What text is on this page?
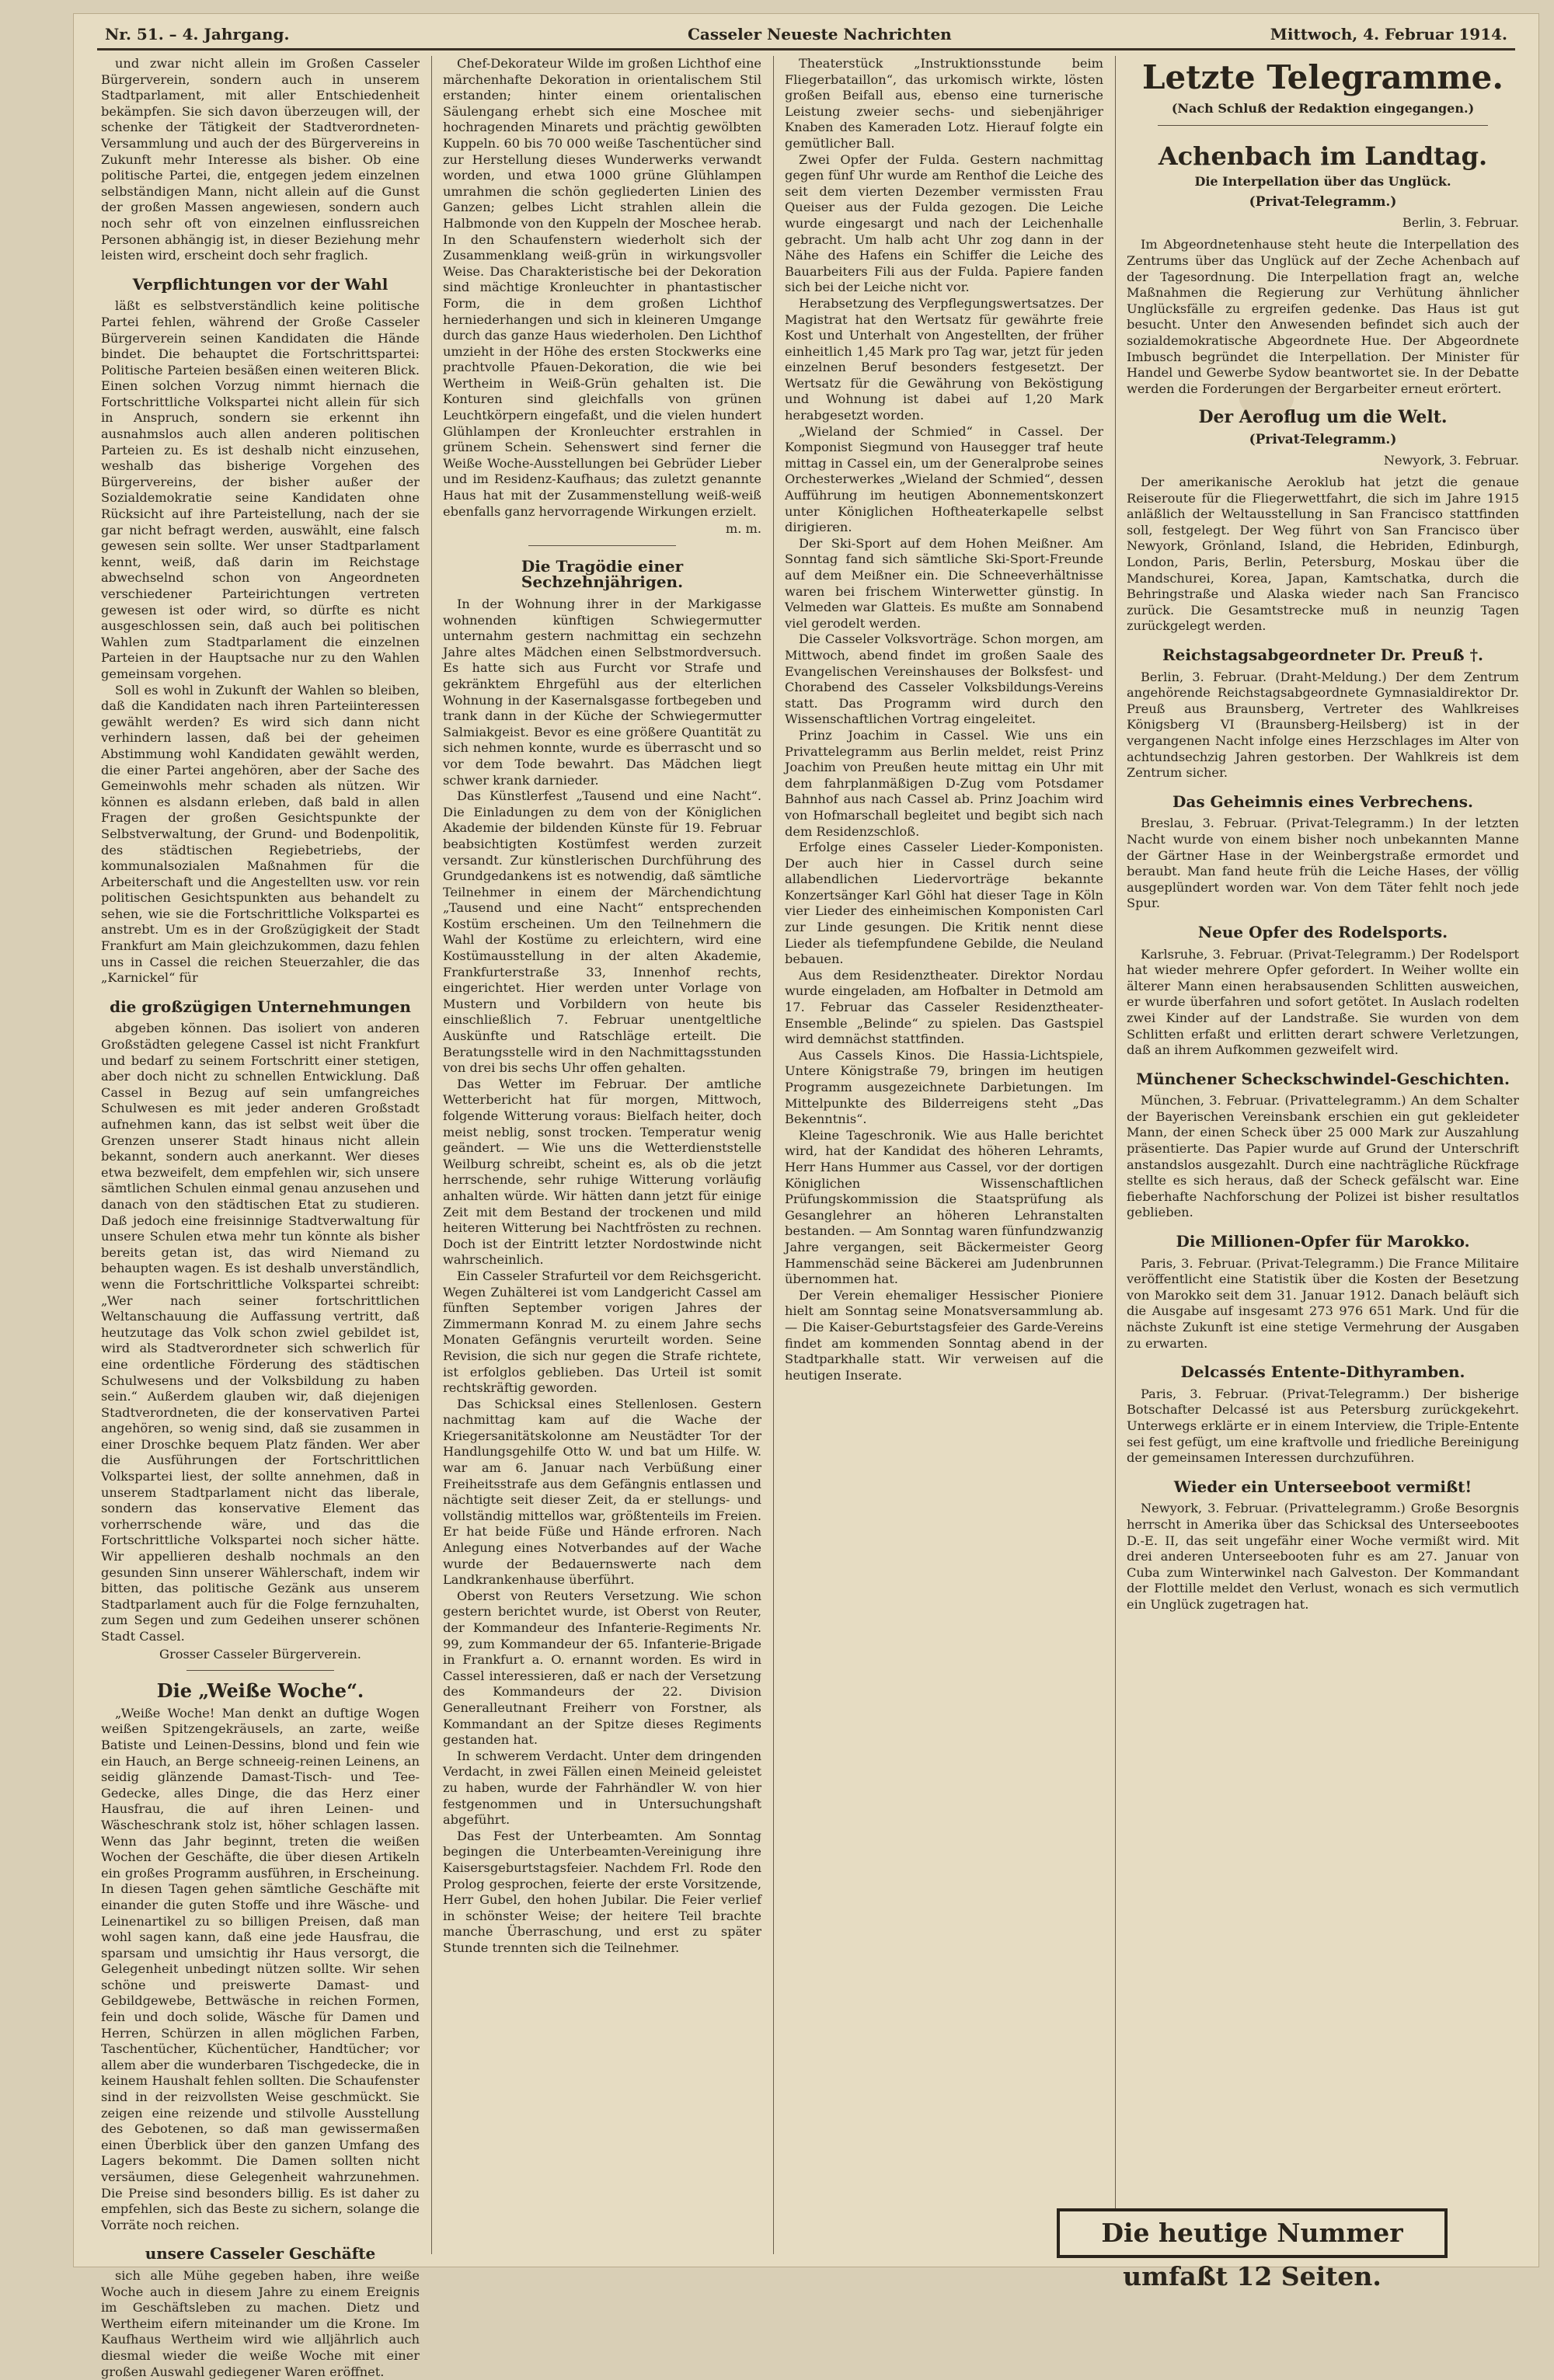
Nr. 51. – 4. Jahrgang.	Casseler Neueste Nachrichten	Mittwoch, 4. Februar 1914.

und zwar nicht allein im Großen Casseler Bürgerverein, sondern auch in unserem Stadtparlament, mit aller Entschiedenheit bekämpfen. Sie sich davon überzeugen will, der schenke der Tätigkeit der Stadtverordneten-Versammlung und auch der des Bürgervereins in Zukunft mehr Interesse als bisher. Ob eine politische Partei, die, entgegen jedem einzelnen selbständigen Mann, nicht allein auf die Gunst der großen Massen angewiesen, sondern auch noch sehr oft von einzelnen einflussreichen Personen abhängig ist, in dieser Beziehung mehr leisten wird, erscheint doch sehr fraglich.

Verpflichtungen vor der Wahl

läßt es selbstverständlich keine politische Partei fehlen, während der Große Casseler Bürgerverein seinen Kandidaten die Hände bindet. Die behauptet die Fortschrittspartei: Politische Parteien besäßen einen weiteren Blick. Einen solchen Vorzug nimmt hiernach die Fortschrittliche Volkspartei nicht allein für sich in Anspruch, sondern sie erkennt ihn ausnahmslos auch allen anderen politischen Parteien zu. Es ist deshalb nicht einzusehen, weshalb das bisherige Vorgehen des Bürgervereins, der bisher außer der Sozialdemokratie seine Kandidaten ohne Rücksicht auf ihre Parteistellung, nach der sie gar nicht befragt werden, auswählt, eine falsch gewesen sein sollte. Wer unser Stadtparlament kennt, weiß, daß darin im Reichstage abwechselnd schon von Angeordneten verschiedener Parteirichtungen vertreten gewesen ist oder wird, so dürfte es nicht ausgeschlossen sein, daß auch bei politischen Wahlen zum Stadtparlament die einzelnen Parteien in der Hauptsache nur zu den Wahlen gemeinsam vorgehen.

Soll es wohl in Zukunft der Wahlen so bleiben, daß die Kandidaten nach ihren Parteiinteressen gewählt werden? Es wird sich dann nicht verhindern lassen, daß bei der geheimen Abstimmung wohl Kandidaten gewählt werden, die einer Partei angehören, aber der Sache des Gemeinwohls mehr schaden als nützen. Wir können es alsdann erleben, daß bald in allen Fragen der großen Gesichtspunkte der Selbstverwaltung, der Grund- und Bodenpolitik, des städtischen Regiebetriebs, der kommunalsozialen Maßnahmen für die Arbeiterschaft und die Angestellten usw. vor rein politischen Gesichtspunkten aus behandelt zu sehen, wie sie die Fortschrittliche Volkspartei es anstrebt. Um es in der Großzügigkeit der Stadt Frankfurt am Main gleichzukommen, dazu fehlen uns in Cassel die reichen Steuerzahler, die das „Karnickel“ für

die großzügigen Unternehmungen

abgeben können. Das isoliert von anderen Großstädten gelegene Cassel ist nicht Frankfurt und bedarf zu seinem Fortschritt einer stetigen, aber doch nicht zu schnellen Entwicklung. Daß Cassel in Bezug auf sein umfangreiches Schulwesen es mit jeder anderen Großstadt aufnehmen kann, das ist selbst weit über die Grenzen unserer Stadt hinaus nicht allein bekannt, sondern auch anerkannt. Wer dieses etwa bezweifelt, dem empfehlen wir, sich unsere sämtlichen Schulen einmal genau anzusehen und danach von den städtischen Etat zu studieren. Daß jedoch eine freisinnige Stadtverwaltung für unsere Schulen etwa mehr tun könnte als bisher bereits getan ist, das wird Niemand zu behaupten wagen. Es ist deshalb unverständlich, wenn die Fortschrittliche Volkspartei schreibt: „Wer nach seiner fortschrittlichen Weltanschauung die Auffassung vertritt, daß heutzutage das Volk schon zwiel gebildet ist, wird als Stadtverordneter sich schwerlich für eine ordentliche Förderung des städtischen Schulwesens und der Volksbildung zu haben sein.“ Außerdem glauben wir, daß diejenigen Stadtverordneten, die der konservativen Partei angehören, so wenig sind, daß sie zusammen in einer Droschke bequem Platz fänden. Wer aber die Ausführungen der Fortschrittlichen Volkspartei liest, der sollte annehmen, daß in unserem Stadtparlament nicht das liberale, sondern das konservative Element das vorherrschende wäre, und das die Fortschrittliche Volkspartei noch sicher hätte. Wir appellieren deshalb nochmals an den gesunden Sinn unserer Wählerschaft, indem wir bitten, das politische Gezänk aus unserem Stadtparlament auch für die Folge fernzuhalten, zum Segen und zum Gedeihen unserer schönen Stadt Cassel.

Grosser Casseler Bürgerverein.
Die „Weiße Woche“.

„Weiße Woche! Man denkt an duftige Wogen weißen Spitzengekräusels, an zarte, weiße Batiste und Leinen-Dessins, blond und fein wie ein Hauch, an Berge schneeig-reinen Leinens, an seidig glänzende Damast-Tisch- und Tee-Gedecke, alles Dinge, die das Herz einer Hausfrau, die auf ihren Leinen- und Wäscheschrank stolz ist, höher schlagen lassen. Wenn das Jahr beginnt, treten die weißen Wochen der Geschäfte, die über diesen Artikeln ein großes Programm ausführen, in Erscheinung. In diesen Tagen gehen sämtliche Geschäfte mit einander die guten Stoffe und ihre Wäsche- und Leinenartikel zu so billigen Preisen, daß man wohl sagen kann, daß eine jede Hausfrau, die sparsam und umsichtig ihr Haus versorgt, die Gelegenheit unbedingt nützen sollte. Wir sehen schöne und preiswerte Damast- und Gebildgewebe, Bettwäsche in reichen Formen, fein und doch solide, Wäsche für Damen und Herren, Schürzen in allen möglichen Farben, Taschentücher, Küchentücher, Handtücher; vor allem aber die wunderbaren Tischgedecke, die in keinem Haushalt fehlen sollten. Die Schaufenster sind in der reizvollsten Weise geschmückt. Sie zeigen eine reizende und stilvolle Ausstellung des Gebotenen, so daß man gewissermaßen einen Überblick über den ganzen Umfang des Lagers bekommt. Die Damen sollten nicht versäumen, diese Gelegenheit wahrzunehmen. Die Preise sind besonders billig. Es ist daher zu empfehlen, sich das Beste zu sichern, solange die Vorräte noch reichen.

unsere Casseler Geschäfte

sich alle Mühe gegeben haben, ihre weiße Woche auch in diesem Jahre zu einem Ereignis im Geschäftsleben zu machen. Dietz und Wertheim eifern miteinander um die Krone. Im Kaufhaus Wertheim wird wie alljährlich auch diesmal wieder die weiße Woche mit einer großen Auswahl gediegener Waren eröffnet.

Chef-Dekorateur Wilde im großen Lichthof eine märchenhafte Dekoration in orientalischem Stil erstanden; hinter einem orientalischen Säulengang erhebt sich eine Moschee mit hochragenden Minarets und prächtig gewölbten Kuppeln. 60 bis 70 000 weiße Taschentücher sind zur Herstellung dieses Wunderwerks verwandt worden, und etwa 1000 grüne Glühlampen umrahmen die schön gegliederten Linien des Ganzen; gelbes Licht strahlen allein die Halbmonde von den Kuppeln der Moschee herab. In den Schaufenstern wiederholt sich der Zusammenklang weiß-grün in wirkungsvoller Weise. Das Charakteristische bei der Dekoration sind mächtige Kronleuchter in phantastischer Form, die in dem großen Lichthof herniederhangen und sich in kleineren Umgange durch das ganze Haus wiederholen. Den Lichthof umzieht in der Höhe des ersten Stockwerks eine prachtvolle Pfauen-Dekoration, die wie bei Wertheim in Weiß-Grün gehalten ist. Die Konturen sind gleichfalls von grünen Leuchtkörpern eingefaßt, und die vielen hundert Glühlampen der Kronleuchter erstrahlen in grünem Schein. Sehenswert sind ferner die Weiße Woche-Ausstellungen bei Gebrüder Lieber und im Residenz-Kaufhaus; das zuletzt genannte Haus hat mit der Zusammenstellung weiß-weiß ebenfalls ganz hervorragende Wirkungen erzielt.

m. m.
Die Tragödie einer Sechzehnjährigen.

In der Wohnung ihrer in der Markigasse wohnenden künftigen Schwiegermutter unternahm gestern nachmittag ein sechzehn Jahre altes Mädchen einen Selbstmordversuch. Es hatte sich aus Furcht vor Strafe und gekränktem Ehrgefühl aus der elterlichen Wohnung in der Kasernalsgasse fortbegeben und trank dann in der Küche der Schwiegermutter Salmiakgeist. Bevor es eine größere Quantität zu sich nehmen konnte, wurde es überrascht und so vor dem Tode bewahrt. Das Mädchen liegt schwer krank darnieder.

Das Künstlerfest „Tausend und eine Nacht“. Die Einladungen zu dem von der Königlichen Akademie der bildenden Künste für 19. Februar beabsichtigten Kostümfest werden zurzeit versandt. Zur künstlerischen Durchführung des Grundgedankens ist es notwendig, daß sämtliche Teilnehmer in einem der Märchendichtung „Tausend und eine Nacht“ entsprechenden Kostüm erscheinen. Um den Teilnehmern die Wahl der Kostüme zu erleichtern, wird eine Kostümausstellung in der alten Akademie, Frankfurterstraße 33, Innenhof rechts, eingerichtet. Hier werden unter Vorlage von Mustern und Vorbildern von heute bis einschließlich 7. Februar unentgeltliche Auskünfte und Ratschläge erteilt. Die Beratungsstelle wird in den Nachmittagsstunden von drei bis sechs Uhr offen gehalten.

Das Wetter im Februar. Der amtliche Wetterbericht hat für morgen, Mittwoch, folgende Witterung voraus: Bielfach heiter, doch meist neblig, sonst trocken. Temperatur wenig geändert. — Wie uns die Wetterdienststelle Weilburg schreibt, scheint es, als ob die jetzt herrschende, sehr ruhige Witterung vorläufig anhalten würde. Wir hätten dann jetzt für einige Zeit mit dem Bestand der trockenen und mild heiteren Witterung bei Nachtfrösten zu rechnen. Doch ist der Eintritt letzter Nordostwinde nicht wahrscheinlich.

Ein Casseler Strafurteil vor dem Reichsgericht. Wegen Zuhälterei ist vom Landgericht Cassel am fünften September vorigen Jahres der Zimmermann Konrad M. zu einem Jahre sechs Monaten Gefängnis verurteilt worden. Seine Revision, die sich nur gegen die Strafe richtete, ist erfolglos geblieben. Das Urteil ist somit rechtskräftig geworden.

Das Schicksal eines Stellenlosen. Gestern nachmittag kam auf die Wache der Kriegersanitätskolonne am Neustädter Tor der Handlungsgehilfe Otto W. und bat um Hilfe. W. war am 6. Januar nach Verbüßung einer Freiheitsstrafe aus dem Gefängnis entlassen und nächtigte seit dieser Zeit, da er stellungs- und vollständig mittellos war, größtenteils im Freien. Er hat beide Füße und Hände erfroren. Nach Anlegung eines Notverbandes auf der Wache wurde der Bedauernswerte nach dem Landkrankenhause überführt.

Oberst von Reuters Versetzung. Wie schon gestern berichtet wurde, ist Oberst von Reuter, der Kommandeur des Infanterie-Regiments Nr. 99, zum Kommandeur der 65. Infanterie-Brigade in Frankfurt a. O. ernannt worden. Es wird in Cassel interessieren, daß er nach der Versetzung des Kommandeurs der 22. Division Generalleutnant Freiherr von Forstner, als Kommandant an der Spitze dieses Regiments gestanden hat.

In schwerem Verdacht. Unter dem dringenden Verdacht, in zwei Fällen einen Meineid geleistet zu haben, wurde der Fahrhändler W. von hier festgenommen und in Untersuchungshaft abgeführt.

Das Fest der Unterbeamten. Am Sonntag begingen die Unterbeamten-Vereinigung ihre Kaisersgeburtstagsfeier. Nachdem Frl. Rode den Prolog gesprochen, feierte der erste Vorsitzende, Herr Gubel, den hohen Jubilar. Die Feier verlief in schönster Weise; der heitere Teil brachte manche Überraschung, und erst zu später Stunde trennten sich die Teilnehmer.

Theaterstück „Instruktionsstunde beim Fliegerbataillon“, das urkomisch wirkte, lösten großen Beifall aus, ebenso eine turnerische Leistung zweier sechs- und siebenjähriger Knaben des Kameraden Lotz. Hierauf folgte ein gemütlicher Ball.

Zwei Opfer der Fulda. Gestern nachmittag gegen fünf Uhr wurde am Renthof die Leiche des seit dem vierten Dezember vermissten Frau Queiser aus der Fulda gezogen. Die Leiche wurde eingesargt und nach der Leichenhalle gebracht. Um halb acht Uhr zog dann in der Nähe des Hafens ein Schiffer die Leiche des Bauarbeiters Fili aus der Fulda. Papiere fanden sich bei der Leiche nicht vor.

Herabsetzung des Verpflegungswertsatzes. Der Magistrat hat den Wertsatz für gewährte freie Kost und Unterhalt von Angestellten, der früher einheitlich 1,45 Mark pro Tag war, jetzt für jeden einzelnen Beruf besonders festgesetzt. Der Wertsatz für die Gewährung von Beköstigung und Wohnung ist dabei auf 1,20 Mark herabgesetzt worden.

„Wieland der Schmied“ in Cassel. Der Komponist Siegmund von Hausegger traf heute mittag in Cassel ein, um der Generalprobe seines Orchesterwerkes „Wieland der Schmied“, dessen Aufführung im heutigen Abonnementskonzert unter Königlichen Hoftheaterkapelle selbst dirigieren.

Der Ski-Sport auf dem Hohen Meißner. Am Sonntag fand sich sämtliche Ski-Sport-Freunde auf dem Meißner ein. Die Schneeverhältnisse waren bei frischem Winterwetter günstig. In Velmeden war Glatteis. Es mußte am Sonnabend viel gerodelt werden.

Die Casseler Volksvorträge. Schon morgen, am Mittwoch, abend findet im großen Saale des Evangelischen Vereinshauses der Bolksfest- und Chorabend des Casseler Volksbildungs-Vereins statt. Das Programm wird durch den Wissenschaftlichen Vortrag eingeleitet.

Prinz Joachim in Cassel. Wie uns ein Privattelegramm aus Berlin meldet, reist Prinz Joachim von Preußen heute mittag ein Uhr mit dem fahrplanmäßigen D-Zug vom Potsdamer Bahnhof aus nach Cassel ab. Prinz Joachim wird von Hofmarschall begleitet und begibt sich nach dem Residenzschloß.

Erfolge eines Casseler Lieder-Komponisten. Der auch hier in Cassel durch seine allabendlichen Liedervorträge bekannte Konzertsänger Karl Göhl hat dieser Tage in Köln vier Lieder des einheimischen Komponisten Carl zur Linde gesungen. Die Kritik nennt diese Lieder als tiefempfundene Gebilde, die Neuland bebauen.

Aus dem Residenztheater. Direktor Nordau wurde eingeladen, am Hofbalter in Detmold am 17. Februar das Casseler Residenztheater-Ensemble „Belinde“ zu spielen. Das Gastspiel wird demnächst stattfinden.

Aus Cassels Kinos. Die Hassia-Lichtspiele, Untere Königstraße 79, bringen im heutigen Programm ausgezeichnete Darbietungen. Im Mittelpunkte des Bilderreigens steht „Das Bekenntnis“.

Kleine Tageschronik. Wie aus Halle berichtet wird, hat der Kandidat des höheren Lehramts, Herr Hans Hummer aus Cassel, vor der dortigen Königlichen Wissenschaftlichen Prüfungskommission die Staatsprüfung als Gesanglehrer an höheren Lehranstalten bestanden. — Am Sonntag waren fünfundzwanzig Jahre vergangen, seit Bäckermeister Georg Hammenschäd seine Bäckerei am Judenbrunnen übernommen hat.

Der Verein ehemaliger Hessischer Pioniere hielt am Sonntag seine Monatsversammlung ab. — Die Kaiser-Geburtstagsfeier des Garde-Vereins findet am kommenden Sonntag abend in der Stadtparkhalle statt. Wir verweisen auf die heutigen Inserate.

Letzte Telegramme.
(Nach Schluß der Redaktion eingegangen.)
Achenbach im Landtag.
Die Interpellation über das Unglück.
(Privat-Telegramm.)
Berlin, 3. Februar.

Im Abgeordnetenhause steht heute die Interpellation des Zentrums über das Unglück auf der Zeche Achenbach auf der Tagesordnung. Die Interpellation fragt an, welche Maßnahmen die Regierung zur Verhütung ähnlicher Unglücksfälle zu ergreifen gedenke. Das Haus ist gut besucht. Unter den Anwesenden befindet sich auch der sozialdemokratische Abgeordnete Hue. Der Abgeordnete Imbusch begründet die Interpellation. Der Minister für Handel und Gewerbe Sydow beantwortet sie. In der Debatte werden die Forderungen der Bergarbeiter erneut erörtert.

Der Aeroflug um die Welt.
(Privat-Telegramm.)
Newyork, 3. Februar.

Der amerikanische Aeroklub hat jetzt die genaue Reiseroute für die Fliegerwettfahrt, die sich im Jahre 1915 anläßlich der Weltausstellung in San Francisco stattfinden soll, festgelegt. Der Weg führt von San Francisco über Newyork, Grönland, Island, die Hebriden, Edinburgh, London, Paris, Berlin, Petersburg, Moskau über die Mandschurei, Korea, Japan, Kamtschatka, durch die Behringstraße und Alaska wieder nach San Francisco zurück. Die Gesamtstrecke muß in neunzig Tagen zurückgelegt werden.

Reichstagsabgeordneter Dr. Preuß †.

Berlin, 3. Februar. (Draht-Meldung.) Der dem Zentrum angehörende Reichstagsabgeordnete Gymnasialdirektor Dr. Preuß aus Braunsberg, Vertreter des Wahlkreises Königsberg VI (Braunsberg-Heilsberg) ist in der vergangenen Nacht infolge eines Herzschlages im Alter von achtundsechzig Jahren gestorben. Der Wahlkreis ist dem Zentrum sicher.

Das Geheimnis eines Verbrechens.

Breslau, 3. Februar. (Privat-Telegramm.) In der letzten Nacht wurde von einem bisher noch unbekannten Manne der Gärtner Hase in der Weinbergstraße ermordet und beraubt. Man fand heute früh die Leiche Hases, der völlig ausgeplündert worden war. Von dem Täter fehlt noch jede Spur.

Neue Opfer des Rodelsports.

Karlsruhe, 3. Februar. (Privat-Telegramm.) Der Rodelsport hat wieder mehrere Opfer gefordert. In Weiher wollte ein älterer Mann einen herabsausenden Schlitten ausweichen, er wurde überfahren und sofort getötet. In Auslach rodelten zwei Kinder auf der Landstraße. Sie wurden von dem Schlitten erfaßt und erlitten derart schwere Verletzungen, daß an ihrem Aufkommen gezweifelt wird.

Münchener Scheckschwindel-Geschichten.

München, 3. Februar. (Privattelegramm.) An dem Schalter der Bayerischen Vereinsbank erschien ein gut gekleideter Mann, der einen Scheck über 25 000 Mark zur Auszahlung präsentierte. Das Papier wurde auf Grund der Unterschrift anstandslos ausgezahlt. Durch eine nachträgliche Rückfrage stellte es sich heraus, daß der Scheck gefälscht war. Eine fieberhafte Nachforschung der Polizei ist bisher resultatlos geblieben.

Die Millionen-Opfer für Marokko.

Paris, 3. Februar. (Privat-Telegramm.) Die France Militaire veröffentlicht eine Statistik über die Kosten der Besetzung von Marokko seit dem 31. Januar 1912. Danach beläuft sich die Ausgabe auf insgesamt 273 976 651 Mark. Und für die nächste Zukunft ist eine stetige Vermehrung der Ausgaben zu erwarten.

Delcassés Entente-Dithyramben.

Paris, 3. Februar. (Privat-Telegramm.) Der bisherige Botschafter Delcassé ist aus Petersburg zurückgekehrt. Unterwegs erklärte er in einem Interview, die Triple-Entente sei fest gefügt, um eine kraftvolle und friedliche Bereinigung der gemeinsamen Interessen durchzuführen.

Wieder ein Unterseeboot vermißt!

Newyork, 3. Februar. (Privattelegramm.) Große Besorgnis herrscht in Amerika über das Schicksal des Unterseebootes D.-E. II, das seit ungefähr einer Woche vermißt wird. Mit drei anderen Unterseebooten fuhr es am 27. Januar von Cuba zum Winterwinkel nach Galveston. Der Kommandant der Flottille meldet den Verlust, wonach es sich vermutlich ein Unglück zugetragen hat.

Die heutige Nummer umfaßt 12 Seiten.
